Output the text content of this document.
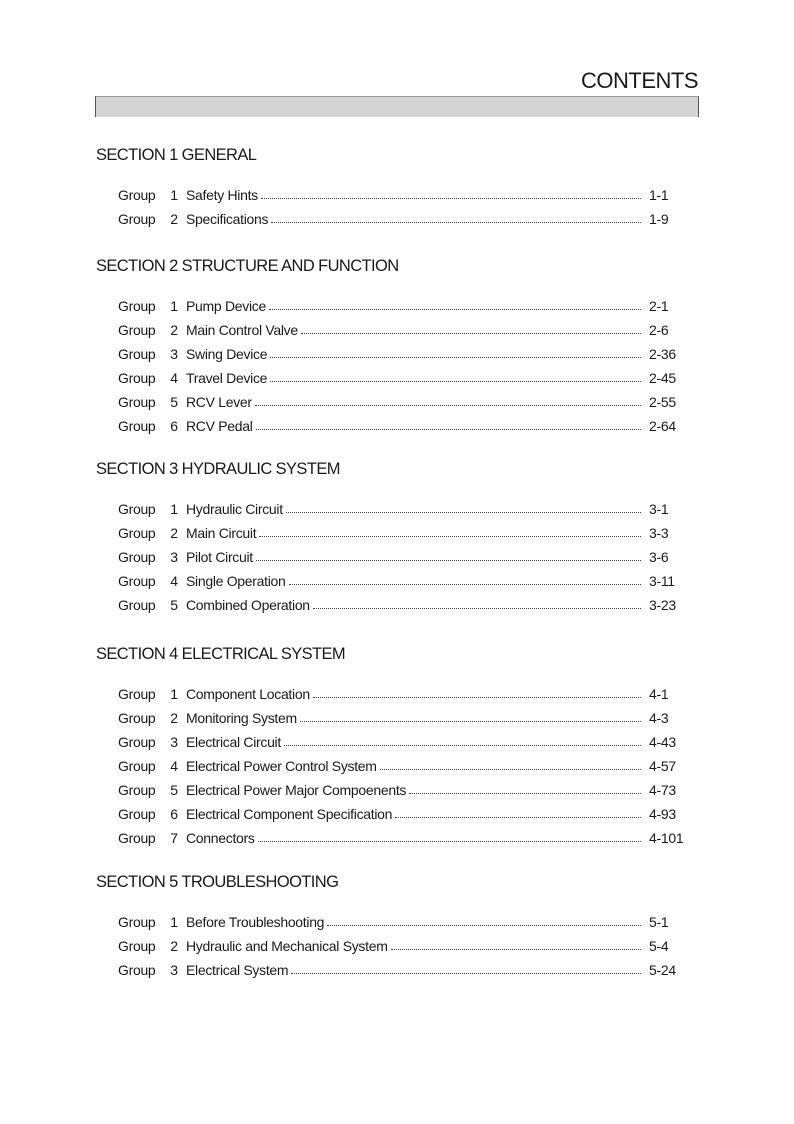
CONTENTS
SECTION 1 GENERAL
Group 1 Safety Hints	1-1
Group 2 Specifications	1-9
SECTION 2 STRUCTURE AND FUNCTION
Group 1 Pump Device	2-1
Group 2 Main Control Valve	2-6
Group 3 Swing Device	2-36
Group 4 Travel Device	2-45
Group 5 RCV Lever	2-55
Group 6 RCV Pedal	2-64
SECTION 3 HYDRAULIC SYSTEM
Group 1 Hydraulic Circuit	3-1
Group 2 Main Circuit	3-3
Group 3 Pilot Circuit	3-6
Group 4 Single Operation	3-11
Group 5 Combined Operation	3-23
SECTION 4 ELECTRICAL SYSTEM
Group 1 Component Location	4-1
Group 2 Monitoring System	4-3
Group 3 Electrical Circuit	4-43
Group 4 Electrical Power Control System	4-57
Group 5 Electrical Power Major Compoenents	4-73
Group 6 Electrical Component Specification	4-93
Group 7 Connectors	4-101
SECTION 5 TROUBLESHOOTING
Group 1 Before Troubleshooting	5-1
Group 2 Hydraulic and Mechanical System	5-4
Group 3 Electrical System	5-24
